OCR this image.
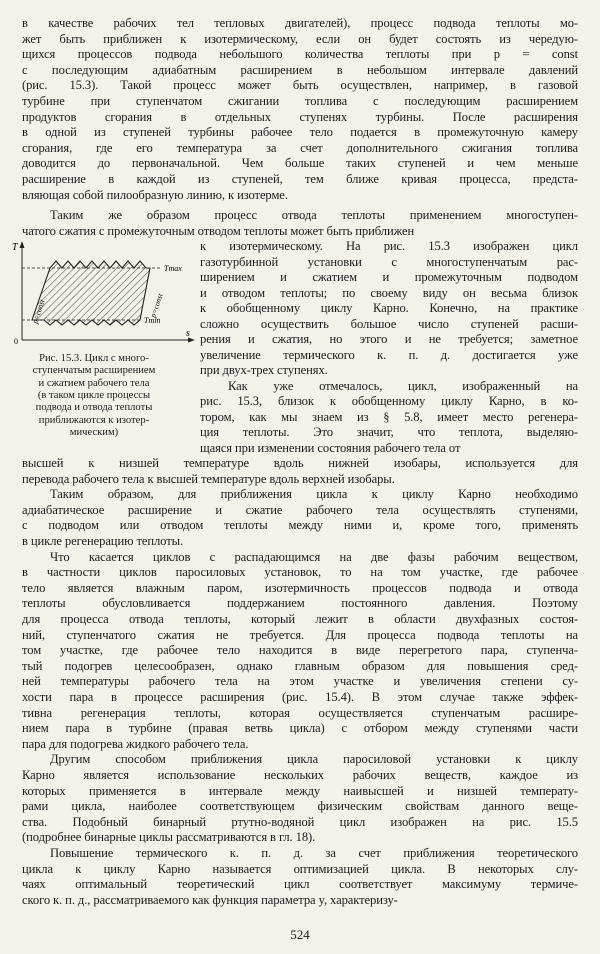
в качестве рабочих тел тепловых двигателей), процесс подвода теплоты мо-
жет быть приближен к изотермическому, если он будет состоять из чередую-
щихся процессов подвода небольшого количества теплоты при p = const
с последующим адиабатным расширением в небольшом интервале давлений
(рис. 15.3). Такой процесс может быть осуществлен, например, в газовой
турбине при ступенчатом сжигании топлива с последующим расширением
продуктов сгорания в отдельных ступенях турбины. После расширения
в одной из ступеней турбины рабочее тело подается в промежуточную камеру
сгорания, где его температура за счет дополнительного сжигания топлива
доводится до первоначальной. Чем больше таких ступеней и чем меньше
расширение в каждой из ступеней, тем ближе кривая процесса, предста-
вляющая собой пилообразную линию, к изотерме.
Таким же образом процесс отвода теплоты применением многоступен-
чатого сжатия с промежуточным отводом теплоты может быть приближен
T
0
s
Tmax
Tmin
p=const	p=const
Рис. 15.3. Цикл с много-
ступенчатым расширением
и сжатием рабочего тела
(в таком цикле процессы
подвода и отвода теплоты
приближаются к изотер-
мическим)
к изотермическому. На рис. 15.3 изображен цикл
газотурбинной установки с многоступенчатым рас-
ширением и сжатием и промежуточным подводом
и отводом теплоты; по своему виду он весьма близок
к обобщенному циклу Карно. Конечно, на практике
сложно осуществить большое число ступеней расши-
рения и сжатия, но этого и не требуется; заметное
увеличение термического к. п. д. достигается уже
при двух-трех ступенях.
Как уже отмечалось, цикл, изображенный на
рис. 15.3, близок к обобщенному циклу Карно, в ко-
тором, как мы знаем из § 5.8, имеет место регенера-
ция теплоты. Это значит, что теплота, выделяю-
щаяся при изменении состояния рабочего тела от
высшей к низшей температуре вдоль нижней изобары, используется для
перевода рабочего тела к высшей температуре вдоль верхней изобары.
Таким образом, для приближения цикла к циклу Карно необходимо
адиабатическое расширение и сжатие рабочего тела осуществлять ступенями,
с подводом или отводом теплоты между ними и, кроме того, применять
в цикле регенерацию теплоты.
Что касается циклов с распадающимся на две фазы рабочим веществом,
в частности циклов паросиловых установок, то на том участке, где рабочее
тело является влажным паром, изотермичность процессов подвода и отвода
теплоты обусловливается поддержанием постоянного давления. Поэтому
для процесса отвода теплоты, который лежит в области двухфазных состоя-
ний, ступенчатого сжатия не требуется. Для процесса подвода теплоты на
том участке, где рабочее тело находится в виде перегретого пара, ступенча-
тый подогрев целесообразен, однако главным образом для повышения сред-
ней температуры рабочего тела на этом участке и увеличения степени су-
хости пара в процессе расширения (рис. 15.4). В этом случае также эффек-
тивна регенерация теплоты, которая осуществляется ступенчатым расшире-
нием пара в турбине (правая ветвь цикла) с отбором между ступенями части
пара для подогрева жидкого рабочего тела.
Другим способом приближения цикла паросиловой установки к циклу
Карно является использование нескольких рабочих веществ, каждое из
которых применяется в интервале между наивысшей и низшей температу-
рами цикла, наиболее соответствующем физическим свойствам данного веще-
ства. Подобный бинарный ртутно-водяной цикл изображен на рис. 15.5
(подробнее бинарные циклы рассматриваются в гл. 18).
Повышение термического к. п. д. за счет приближения теоретического
цикла к циклу Карно называется оптимизацией цикла. В некоторых слу-
чаях оптимальный теоретический цикл соответствует максимуму термиче-
ского к. п. д., рассматриваемого как функция параметра y, характеризу-
524
